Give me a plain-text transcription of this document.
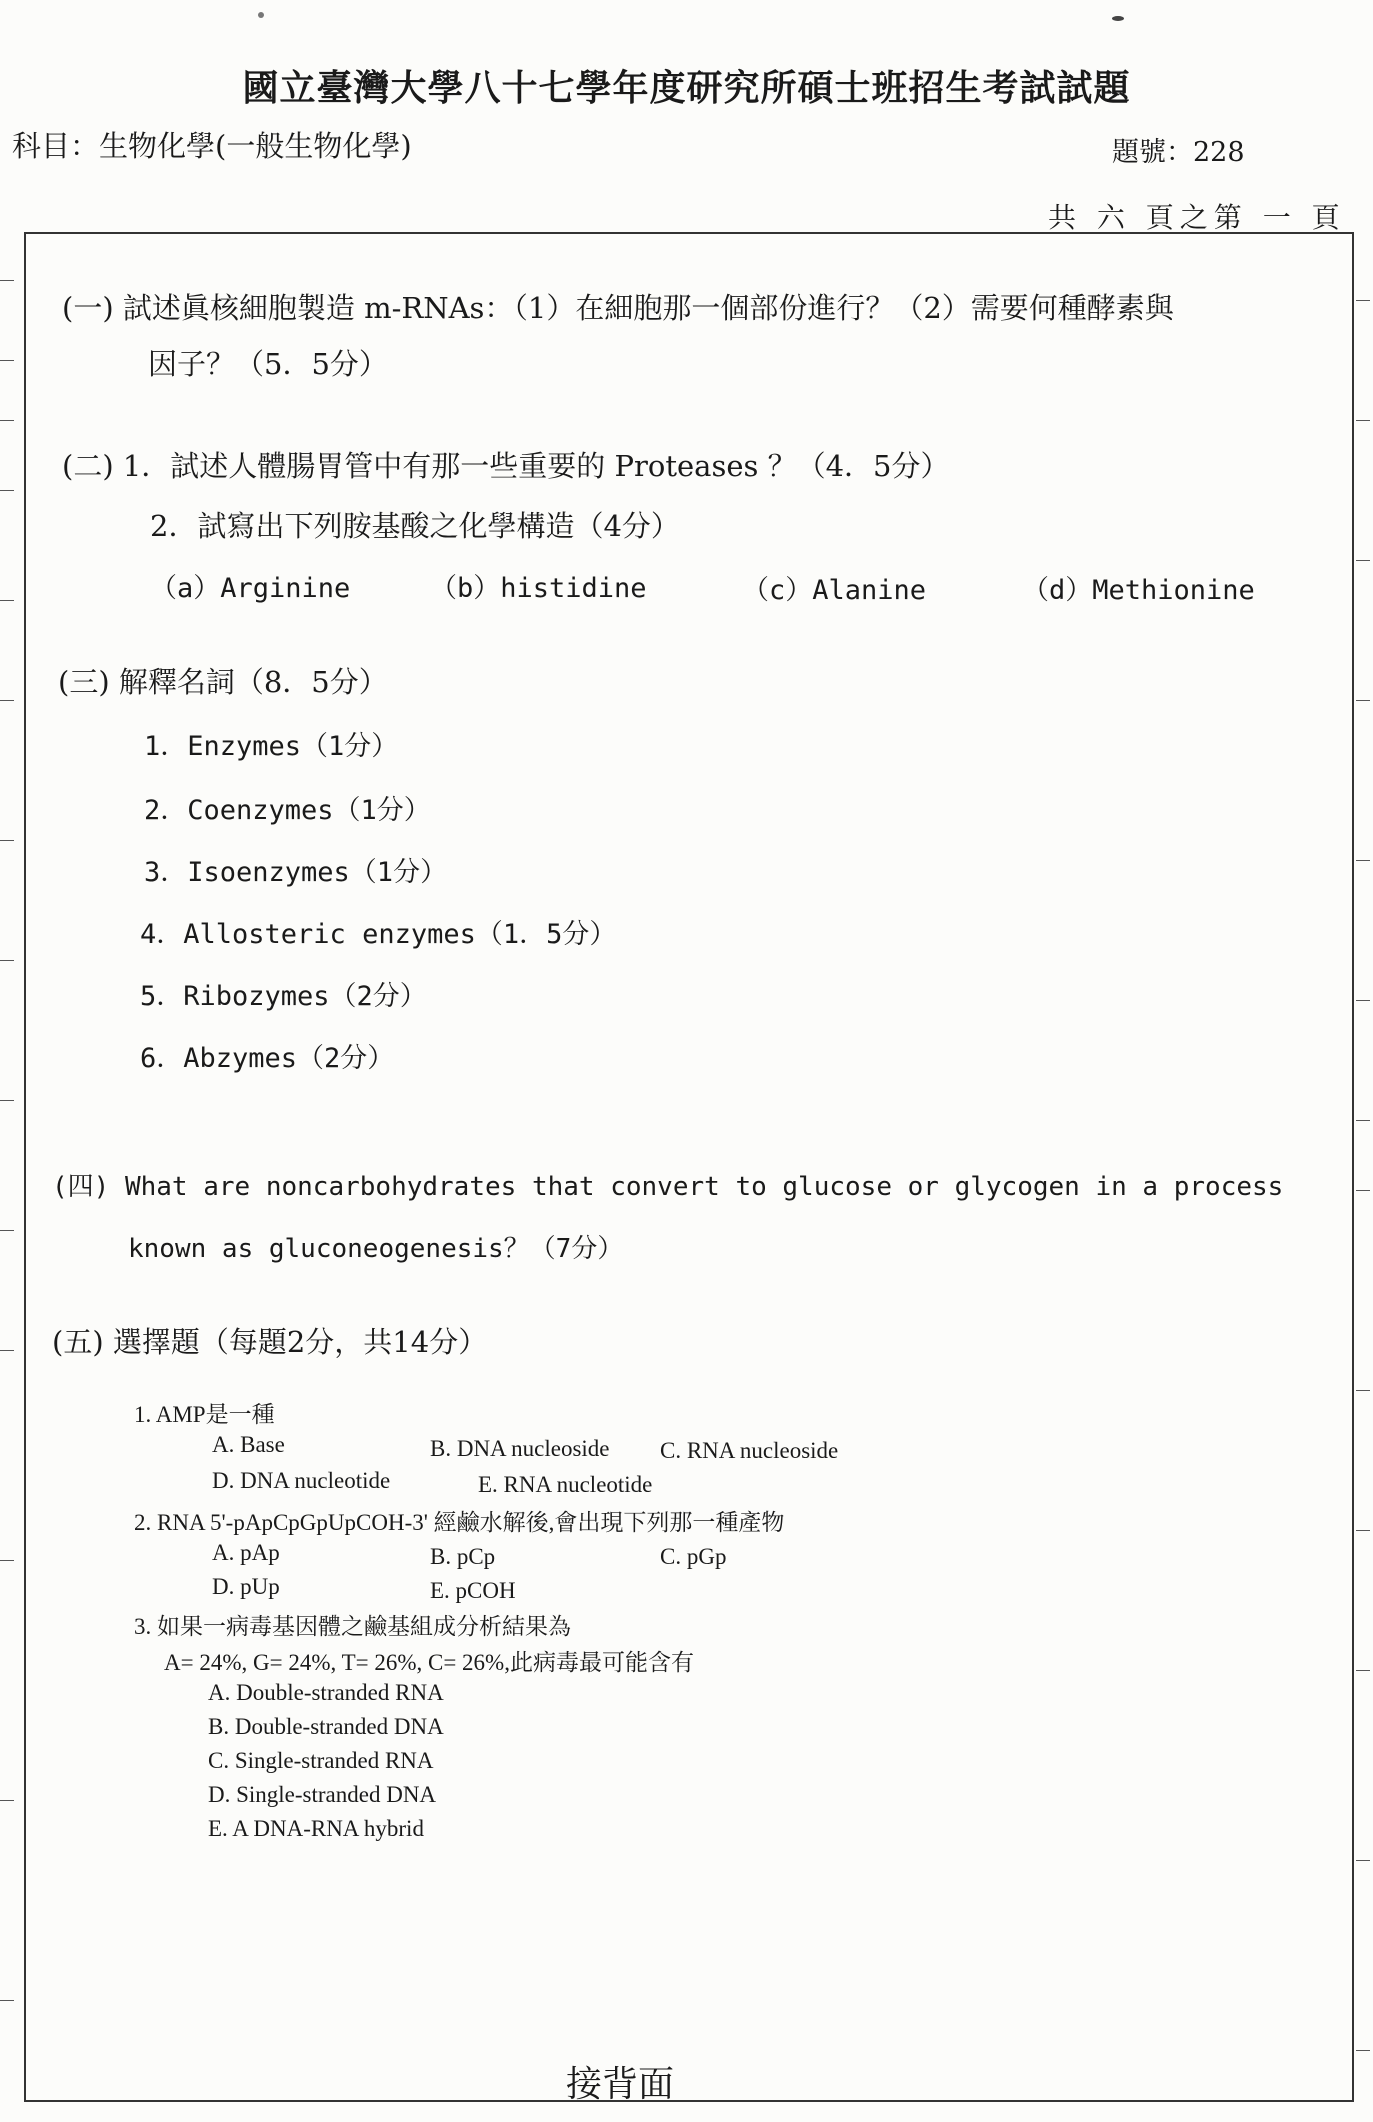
國立臺灣大學八十七學年度研究所碩士班招生考試試題
科目：生物化學(一般生物化學)	題號：228
共 六 頁之第 一 頁
(一) 試述眞核細胞製造 m-RNAs：（1）在細胞那一個部份進行？（2）需要何種酵素與
因子？（5．5分）
(二) 1．試述人體腸胃管中有那一些重要的 Proteases ？（4．5分）
2．試寫出下列胺基酸之化學構造（4分）
（a）Arginine	（b）histidine	（c）Alanine	（d）Methionine
(三) 解釋名詞（8．5分）
1．Enzymes（1分）
2．Coenzymes（1分）
3．Isoenzymes（1分）
4．Allosteric enzymes（1．5分）
5．Ribozymes（2分）
6．Abzymes（2分）
(四) What are noncarbohydrates that convert to glucose or glycogen in a process
known as gluconeogenesis？（7分）
(五) 選擇題（每題2分，共14分）
1. AMP是一種
A. Base	B. DNA nucleoside C. RNA nucleoside
D. DNA nucleotide	E. RNA nucleotide
2. RNA 5'-pApCpGpUpCOH-3' 經鹼水解後,會出現下列那一種產物
A. pAp	B. pCp	C. pGp
D. pUp	E. pCOH
3. 如果一病毒基因體之鹼基組成分析結果為
A= 24%, G= 24%, T= 26%, C= 26%,此病毒最可能含有
A. Double-stranded RNA
B. Double-stranded DNA
C. Single-stranded RNA
D. Single-stranded DNA
E. A DNA-RNA hybrid
接背面
